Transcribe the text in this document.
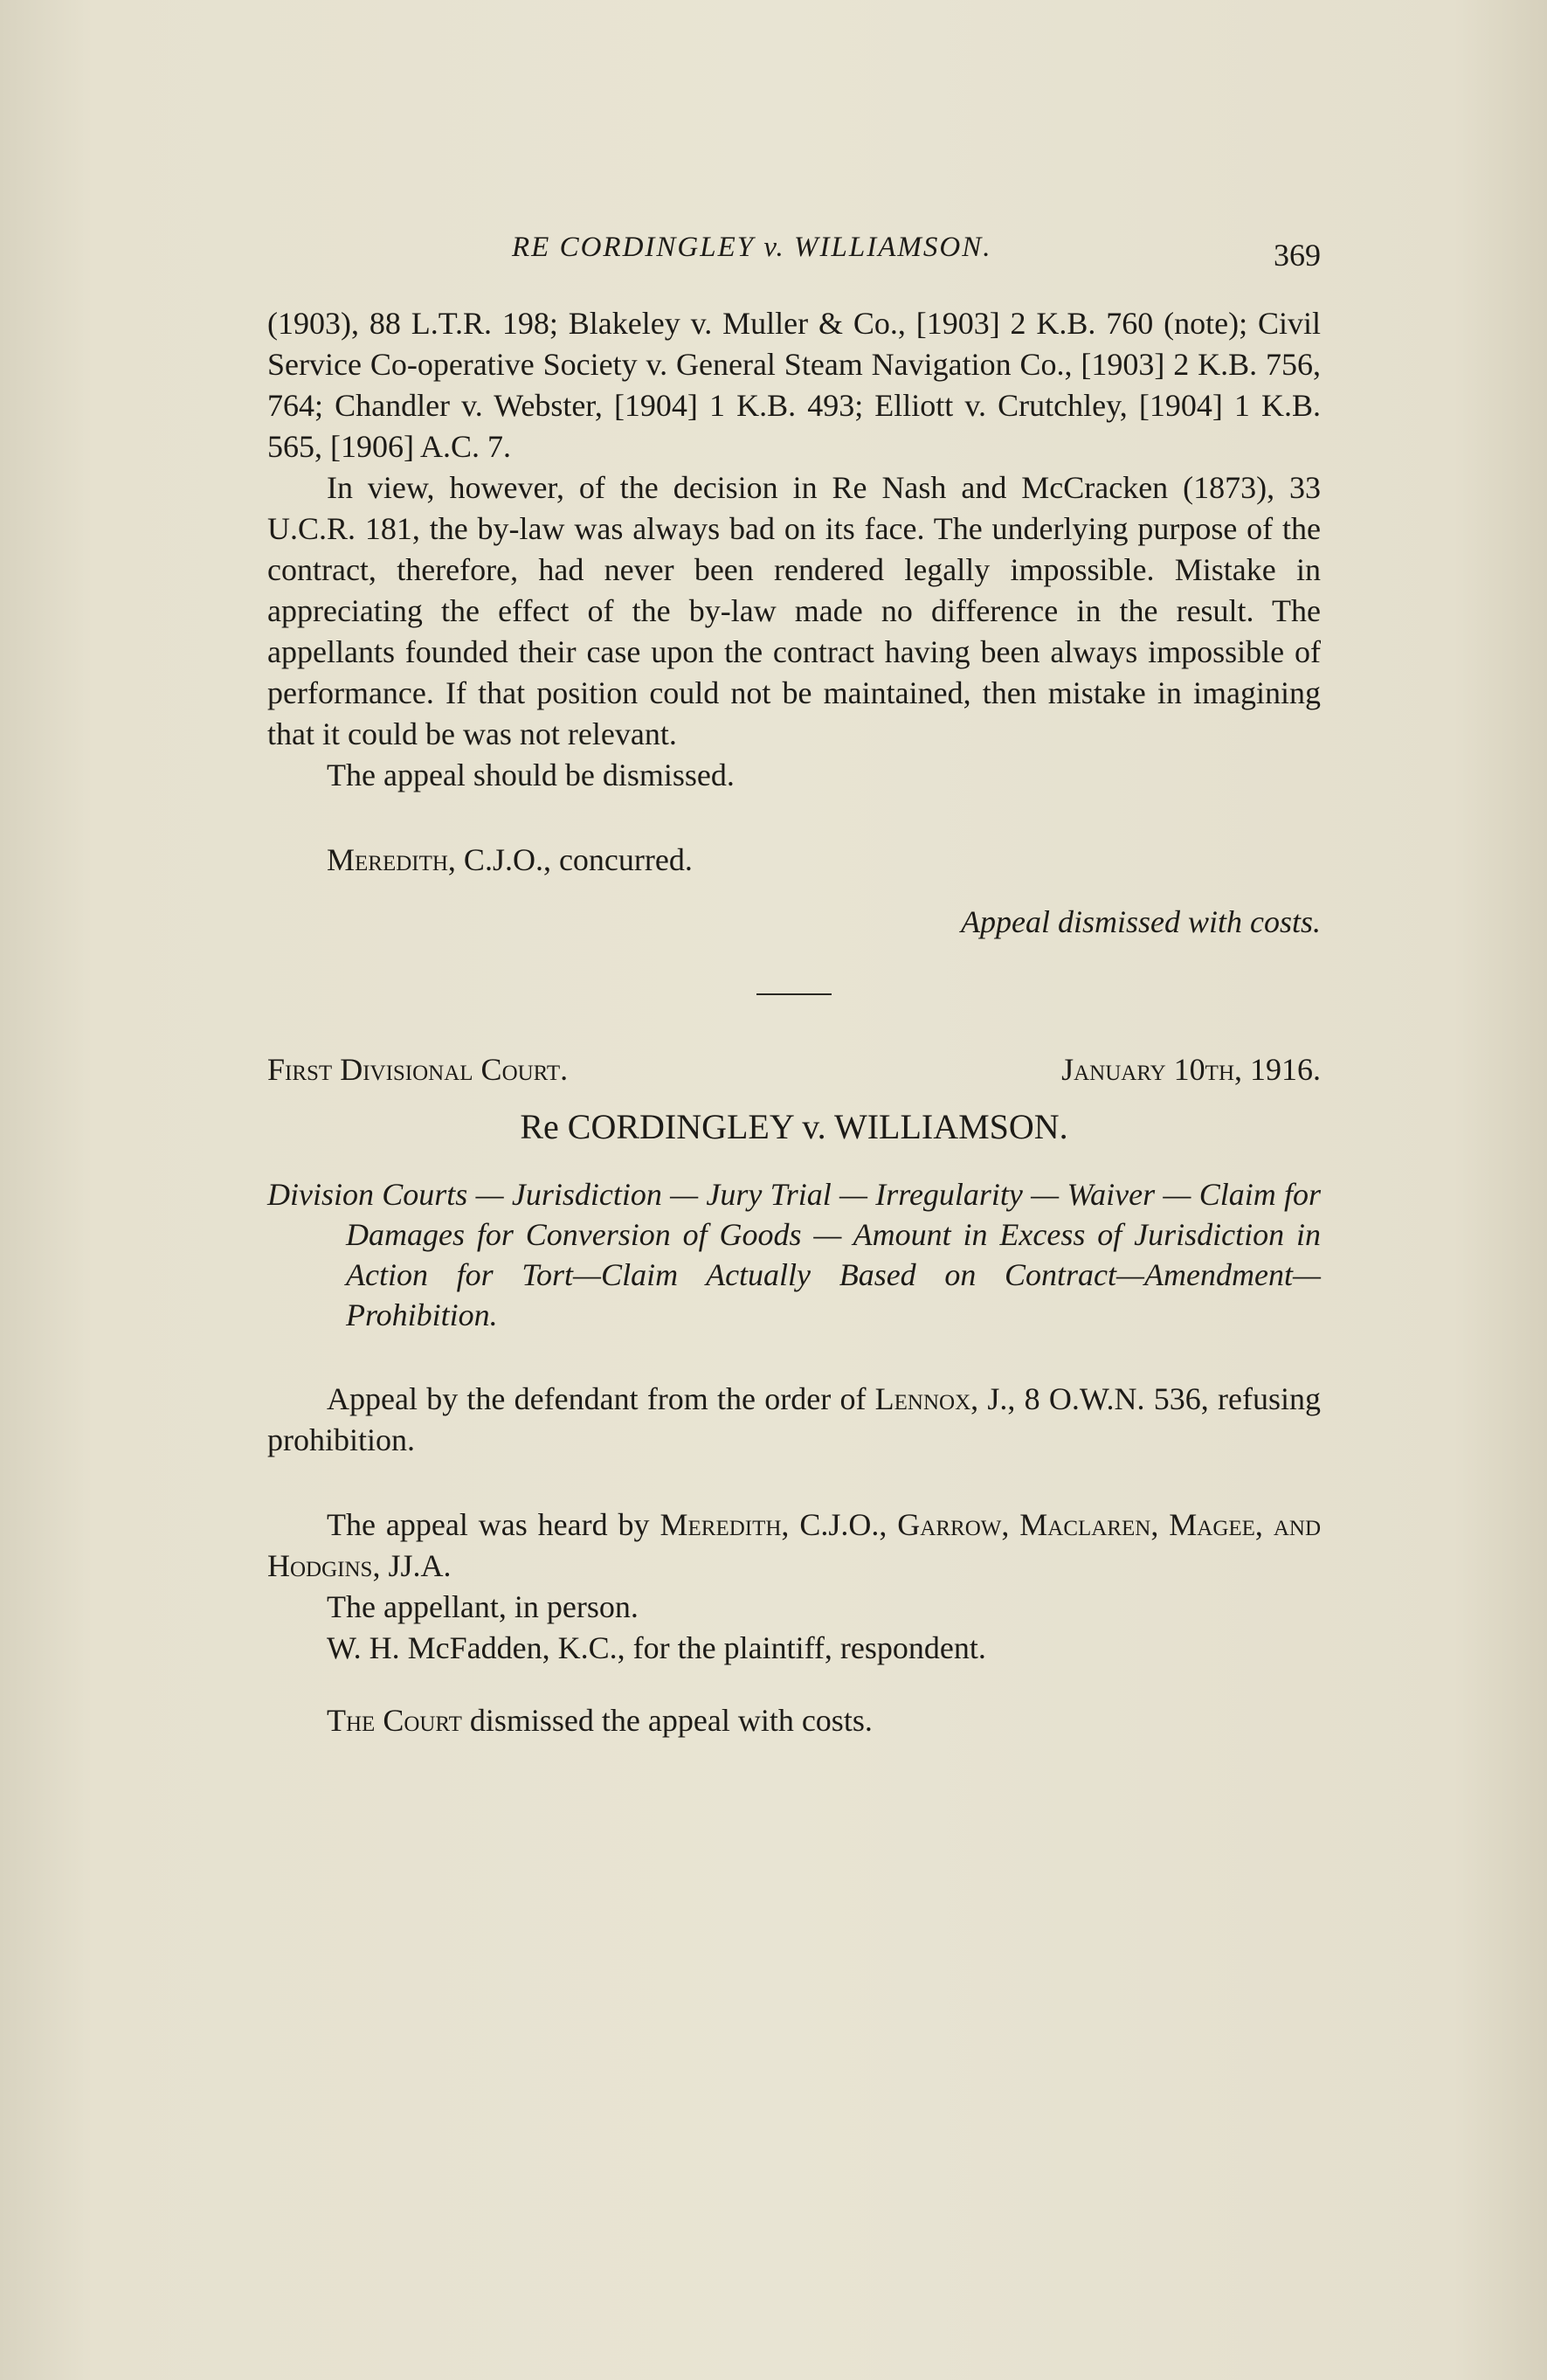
RE CORDINGLEY v. WILLIAMSON.	369

(1903), 88 L.T.R. 198; Blakeley v. Muller & Co., [1903] 2 K.B. 760 (note); Civil Service Co-operative Society v. General Steam Navigation Co., [1903] 2 K.B. 756, 764; Chandler v. Webster, [1904] 1 K.B. 493; Elliott v. Crutchley, [1904] 1 K.B. 565, [1906] A.C. 7.

In view, however, of the decision in Re Nash and McCracken (1873), 33 U.C.R. 181, the by-law was always bad on its face. The underlying purpose of the contract, therefore, had never been rendered legally impossible. Mistake in appreciating the effect of the by-law made no difference in the result. The appellants founded their case upon the contract having been always impossible of performance. If that position could not be maintained, then mistake in imagining that it could be was not relevant.

The appeal should be dismissed.

Meredith, C.J.O., concurred.

Appeal dismissed with costs.

First Divisional Court.	January 10th, 1916.
Re CORDINGLEY v. WILLIAMSON.

Division Courts — Jurisdiction — Jury Trial — Irregularity — Waiver — Claim for Damages for Conversion of Goods — Amount in Excess of Jurisdiction in Action for Tort—Claim Actually Based on Contract—Amendment—Prohibition.

Appeal by the defendant from the order of Lennox, J., 8 O.W.N. 536, refusing prohibition.

The appeal was heard by Meredith, C.J.O., Garrow, Maclaren, Magee, and Hodgins, JJ.A.

The appellant, in person.

W. H. McFadden, K.C., for the plaintiff, respondent.

The Court dismissed the appeal with costs.
